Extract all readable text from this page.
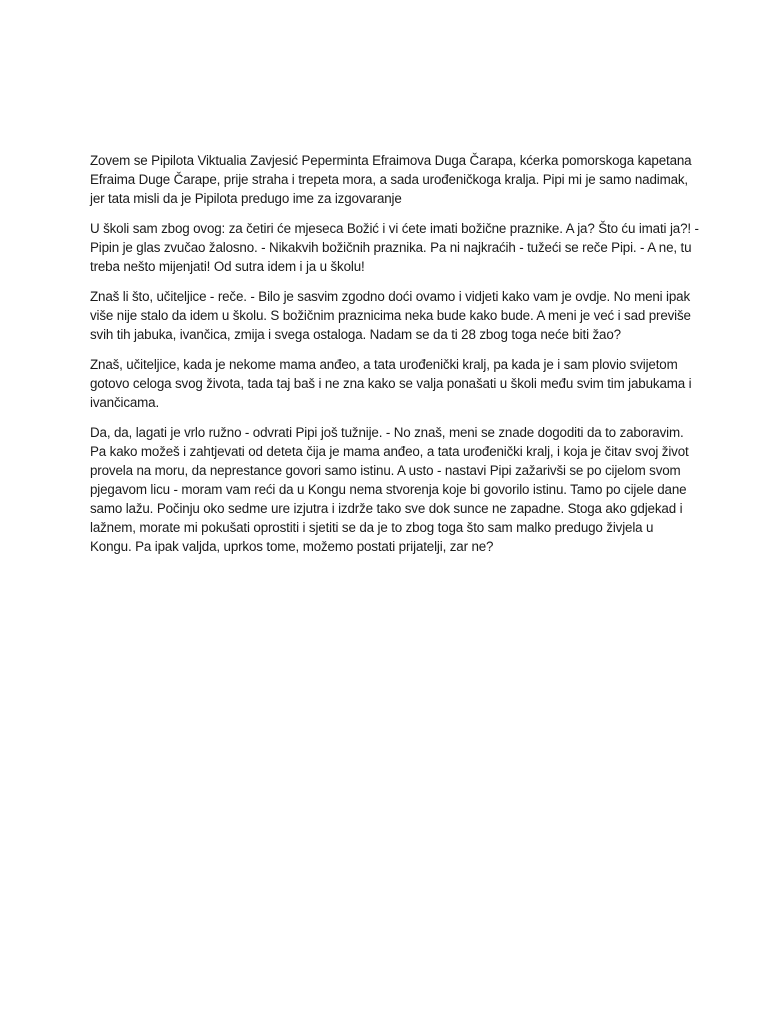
Zovem se Pipilota Viktualia Zavjesić Peperminta Efraimova Duga Čarapa, kćerka pomorskoga kapetana
Efraima Duge Čarape, prije straha i trepeta mora, a sada urođeničkoga kralja. Pipi mi je samo nadimak,
jer tata misli da je Pipilota predugo ime za izgovaranje

U školi sam zbog ovog: za četiri će mjeseca Božić i vi ćete imati božične praznike. A ja? Što ću imati ja?! -
Pipin je glas zvučao žalosno. - Nikakvih božičnih praznika. Pa ni najkraćih - tužeći se reče Pipi. - A ne, tu
treba nešto mijenjati! Od sutra idem i ja u školu!

Znaš li što, učiteljice - reče. - Bilo je sasvim zgodno doći ovamo i vidjeti kako vam je ovdje. No meni ipak
više nije stalo da idem u školu. S božičnim praznicima neka bude kako bude. A meni je već i sad previše
svih tih jabuka, ivančica, zmija i svega ostaloga. Nadam se da ti 28 zbog toga neće biti žao?

Znaš, učiteljice, kada je nekome mama anđeo, a tata urođenički kralj, pa kada je i sam plovio svijetom
gotovo celoga svog života, tada taj baš i ne zna kako se valja ponašati u školi među svim tim jabukama i
ivančicama.

Da, da, lagati je vrlo ružno - odvrati Pipi još tužnije. - No znaš, meni se znade dogoditi da to zaboravim.
Pa kako možeš i zahtjevati od deteta čija je mama anđeo, a tata urođenički kralj, i koja je čitav svoj život
provela na moru, da neprestance govori samo istinu. A usto - nastavi Pipi zažarivši se po cijelom svom
pjegavom licu - moram vam reći da u Kongu nema stvorenja koje bi govorilo istinu. Tamo po cijele dane
samo lažu. Počinju oko sedme ure izjutra i izdrže tako sve dok sunce ne zapadne. Stoga ako gdjekad i
lažnem, morate mi pokušati oprostiti i sjetiti se da je to zbog toga što sam malko predugo živjela u
Kongu. Pa ipak valjda, uprkos tome, možemo postati prijatelji, zar ne?
